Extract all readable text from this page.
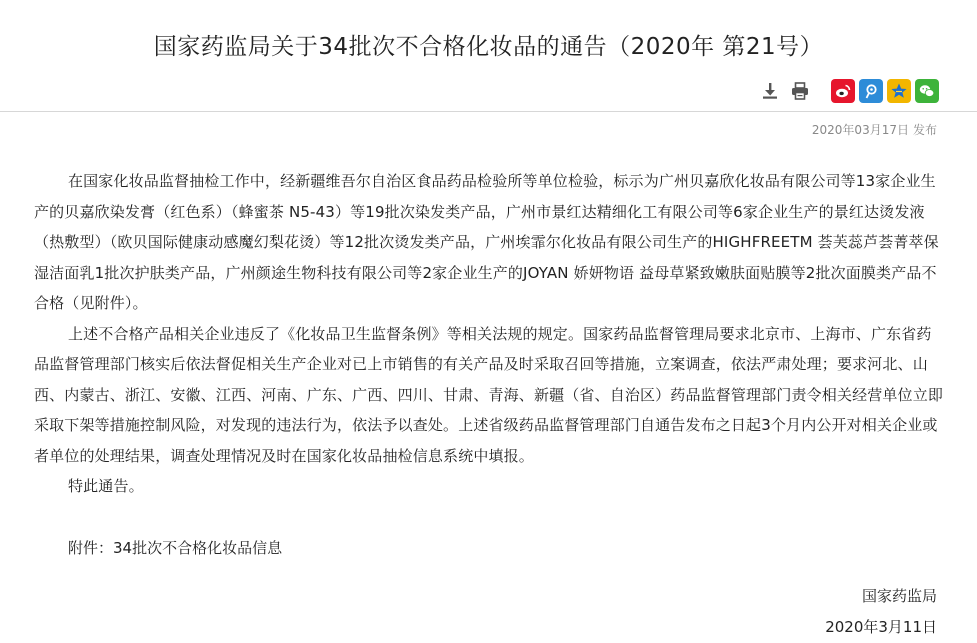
国家药监局关于34批次不合格化妆品的通告（2020年 第21号）
2020年03月17日 发布

在国家化妆品监督抽检工作中，经新疆维吾尔自治区食品药品检验所等单位检验，标示为广州贝嘉欣化妆品有限公司等13家企业生产的贝嘉欣染发膏（红色系）（蜂蜜茶 N5-43）等19批次染发类产品，广州市景红达精细化工有限公司等6家企业生产的景红达烫发液（热敷型）（欧贝国际健康动感魔幻梨花烫）等12批次烫发类产品，广州埃霏尔化妆品有限公司生产的HIGHFREETM 荟芙蕊芦荟菁萃保湿洁面乳1批次护肤类产品，广州颜途生物科技有限公司等2家企业生产的JOYAN 娇妍物语 益母草紧致嫩肤面贴膜等2批次面膜类产品不合格（见附件）。

上述不合格产品相关企业违反了《化妆品卫生监督条例》等相关法规的规定。国家药品监督管理局要求北京市、上海市、广东省药品监督管理部门核实后依法督促相关生产企业对已上市销售的有关产品及时采取召回等措施，立案调查，依法严肃处理；要求河北、山西、内蒙古、浙江、安徽、江西、河南、广东、广西、四川、甘肃、青海、新疆（省、自治区）药品监督管理部门责令相关经营单位立即采取下架等措施控制风险，对发现的违法行为，依法予以查处。上述省级药品监督管理部门自通告发布之日起3个月内公开对相关企业或者单位的处理结果，调查处理情况及时在国家化妆品抽检信息系统中填报。

特此通告。

附件：34批次不合格化妆品信息
国家药监局
2020年3月11日
